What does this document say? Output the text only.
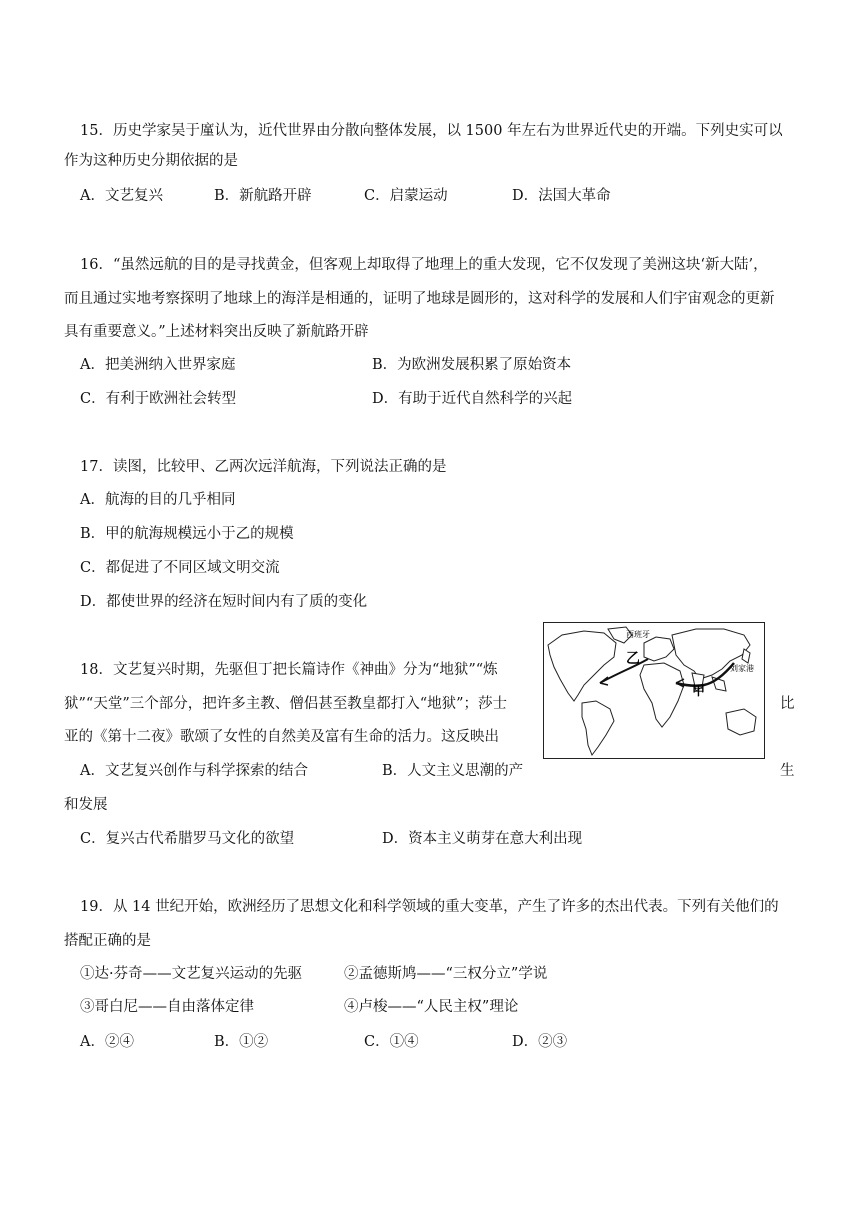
15．历史学家吴于廑认为，近代世界由分散向整体发展，以 1500 年左右为世界近代史的开端。下列史实可以
作为这种历史分期依据的是
A．文艺复兴	B．新航路开辟	C．启蒙运动	D．法国大革命
16．“虽然远航的目的是寻找黄金，但客观上却取得了地理上的重大发现，它不仅发现了美洲这块‘新大陆’，
而且通过实地考察探明了地球上的海洋是相通的，证明了地球是圆形的，这对科学的发展和人们宇宙观念的更新
具有重要意义。”上述材料突出反映了新航路开辟
A．把美洲纳入世界家庭	B．为欧洲发展积累了原始资本
C．有利于欧洲社会转型	D．有助于近代自然科学的兴起
17．读图，比较甲、乙两次远洋航海，下列说法正确的是
A．航海的目的几乎相同
B．甲的航海规模远小于乙的规模
C．都促进了不同区域文明交流
D．都使世界的经济在短时间内有了质的变化
18．文艺复兴时期，先驱但丁把长篇诗作《神曲》分为“地狱”“炼
狱”“天堂”三个部分，把许多主教、僧侣甚至教皇都打入“地狱”；莎士	比
亚的《第十二夜》歌颂了女性的自然美及富有生命的活力。这反映出
A．文艺复兴创作与科学探索的结合	B．人文主义思潮的产	生
和发展
C．复兴古代希腊罗马文化的欲望	D．资本主义萌芽在意大利出现
乙
甲
西班牙
刘家港
19．从 14 世纪开始，欧洲经历了思想文化和科学领域的重大变革，产生了许多的杰出代表。下列有关他们的
搭配正确的是
①达·芬奇——文艺复兴运动的先驱	②孟德斯鸠——“三权分立”学说
③哥白尼——自由落体定律	④卢梭——“人民主权”理论
A．②④	B．①②	C．①④	D．②③
